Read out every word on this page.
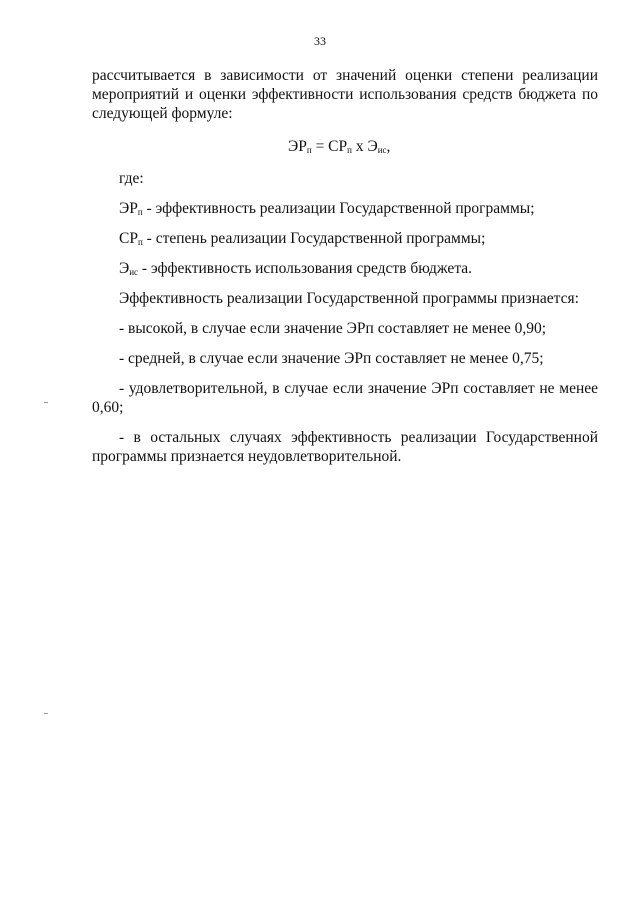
33
рассчитывается в зависимости от значений оценки степени реализации
мероприятий и оценки эффективности использования средств бюджета по
следующей формуле:
$ЭР_п = СР_п$ х $Э_{ис}$,
где:
$ЭР_п$ - эффективность реализации Государственной программы;
$СР_п$ - степень реализации Государственной программы;
$Э_{ис}$ - эффективность использования средств бюджета.
Эффективность реализации Государственной программы признается:
- высокой, в случае если значение ЭРп составляет не менее 0,90;
- средней, в случае если значение ЭРп составляет не менее 0,75;
- удовлетворительной, в случае если значение ЭРп составляет не менее
0,60;
- в остальных случаях эффективность реализации Государственной
программы признается неудовлетворительной.
